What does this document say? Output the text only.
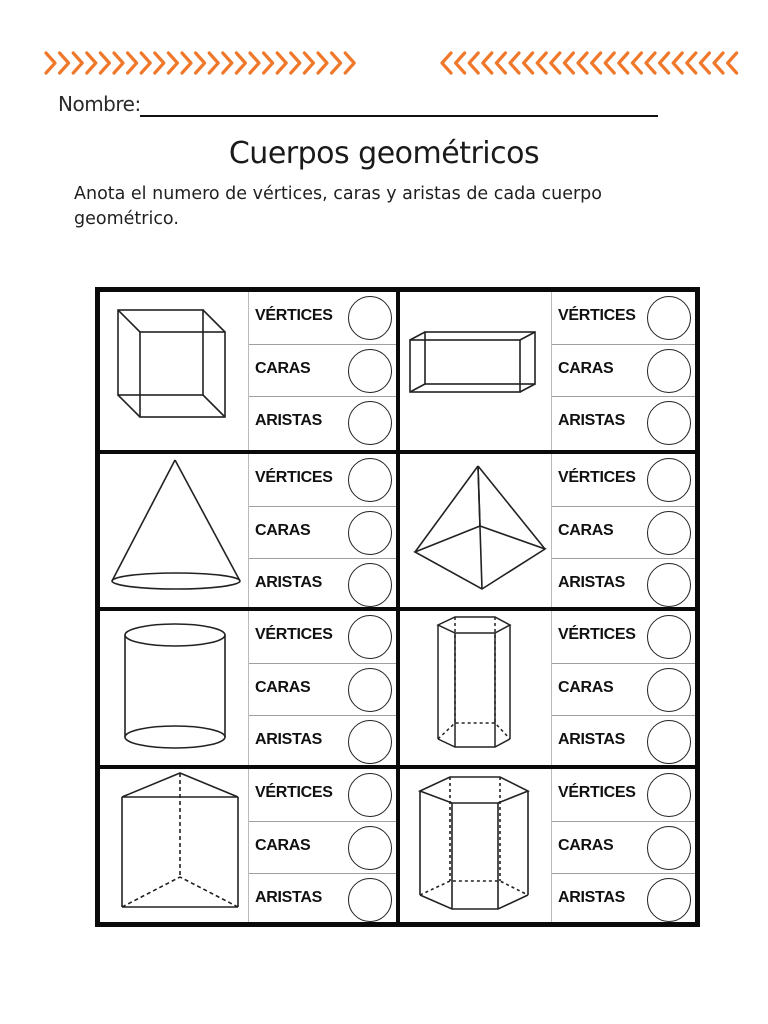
Nombre:
Cuerpos geométricos
Anota el numero de vértices, caras y aristas de cada cuerpo geométrico.
VÉRTICES
CARAS
ARISTAS
VÉRTICES
CARAS
ARISTAS
VÉRTICES
CARAS
ARISTAS
VÉRTICES
CARAS
ARISTAS
VÉRTICES
CARAS
ARISTAS
VÉRTICES
CARAS
ARISTAS
VÉRTICES
CARAS
ARISTAS
VÉRTICES
CARAS
ARISTAS
